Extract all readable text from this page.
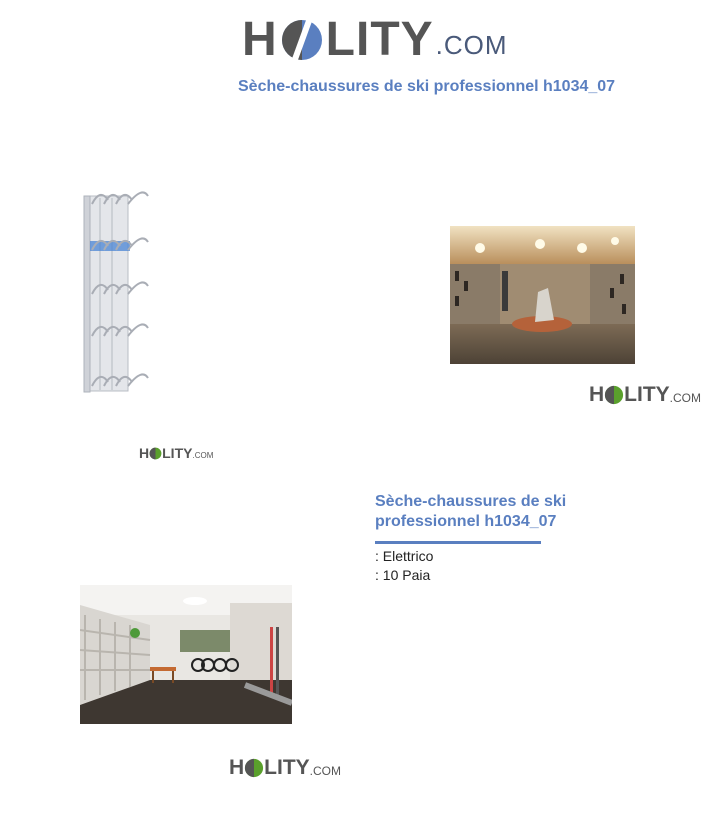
H LITY .COM
Sèche-chaussures de ski professionnel h1034_07
H LITY .COM
H LITY .COM
Sèche-chaussures de ski
professionnel h1034_07
: Elettrico
: 10 Paia
H LITY .COM
